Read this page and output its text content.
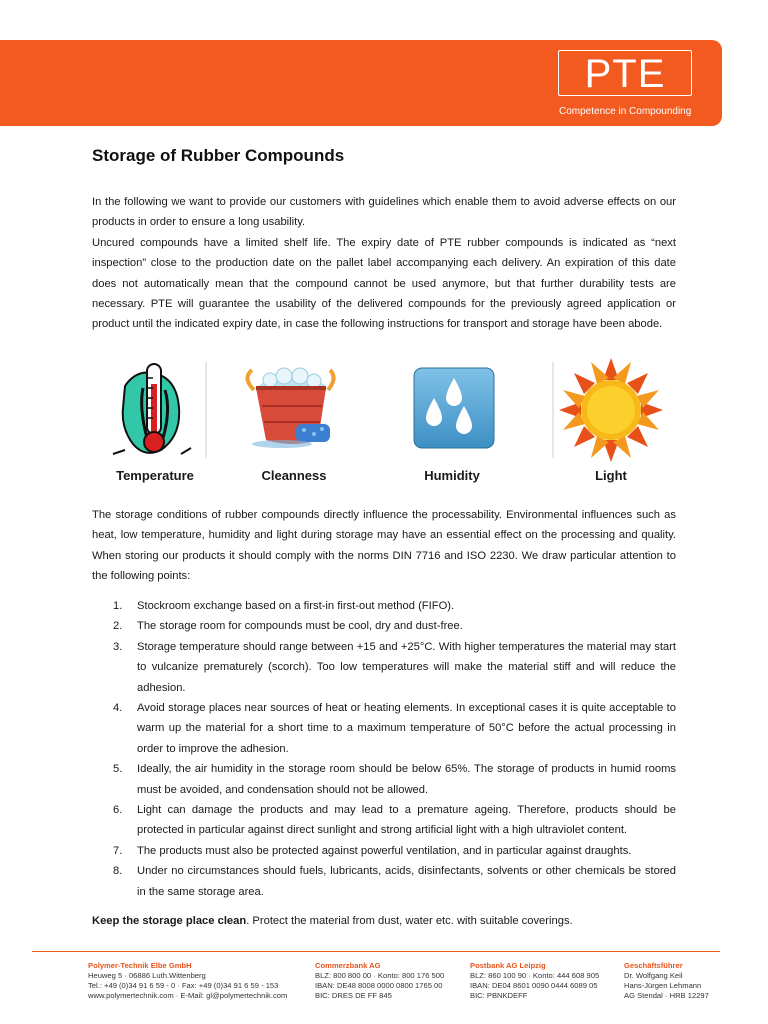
PTE
Competence in Compounding
Storage of Rubber Compounds

In the following we want to provide our customers with guidelines which enable them to avoid adverse effects on our products in order to ensure a long usability.

Uncured compounds have a limited shelf life. The expiry date of PTE rubber compounds is indicated as “next inspection” close to the production date on the pallet label accompanying each delivery. An expiration of this date does not automatically mean that the compound cannot be used anymore, but that further durability tests are necessary. PTE will guarantee the usability of the delivered compounds for the previously agreed application or product until the indicated expiry date, in case the following instructions for transport and storage have been abode.

Temperature	Cleanness	Humidity	Light

The storage conditions of rubber compounds directly influence the processability. Environmental influences such as heat, low temperature, humidity and light during storage may have an essential effect on the processing and quality. When storing our products it should comply with the norms DIN 7716 and ISO 2230. We draw particular attention to the following points:

1. Stockroom exchange based on a first-in first-out method (FIFO).
2. The storage room for compounds must be cool, dry and dust-free.
3. Storage temperature should range between +15 and +25°C. With higher temperatures the material may start to vulcanize prematurely (scorch). Too low temperatures will make the material stiff and will reduce the adhesion.
4. Avoid storage places near sources of heat or heating elements. In exceptional cases it is quite acceptable to warm up the material for a short time to a maximum temperature of 50°C before the actual processing in order to improve the adhesion.
5. Ideally, the air humidity in the storage room should be below 65%. The storage of products in humid rooms must be avoided, and condensation should not be allowed.
6. Light can damage the products and may lead to a premature ageing. Therefore, products should be protected in particular against direct sunlight and strong artificial light with a high ultraviolet content.
7. The products must also be protected against powerful ventilation, and in particular against draughts.
8. Under no circumstances should fuels, lubricants, acids, disinfectants, solvents or other chemicals be stored in the same storage area.
Keep the storage place clean. Protect the material from dust, water etc. with suitable coverings.
Polymer-Technik Elbe GmbH
Heuweg 5 · 06886 Luth.Wittenberg
Tel.: +49 (0)34 91 6 59 - 0 · Fax: +49 (0)34 91 6 59 - 153
www.polymertechnik.com · E-Mail: gl@polymertechnik.com
Commerzbank AG
BLZ: 800 800 00 · Konto: 800 176 500
IBAN: DE48 8008 0000 0800 1765 00
BIC: DRES DE FF 845
Postbank AG Leipzig
BLZ: 860 100 90 · Konto: 444 608 905
IBAN: DE04 8601 0090 0444 6089 05
BIC: PBNKDEFF
Geschäftsführer
Dr. Wolfgang Keil
Hans-Jürgen Lehmann
AG Stendal · HRB 12297
